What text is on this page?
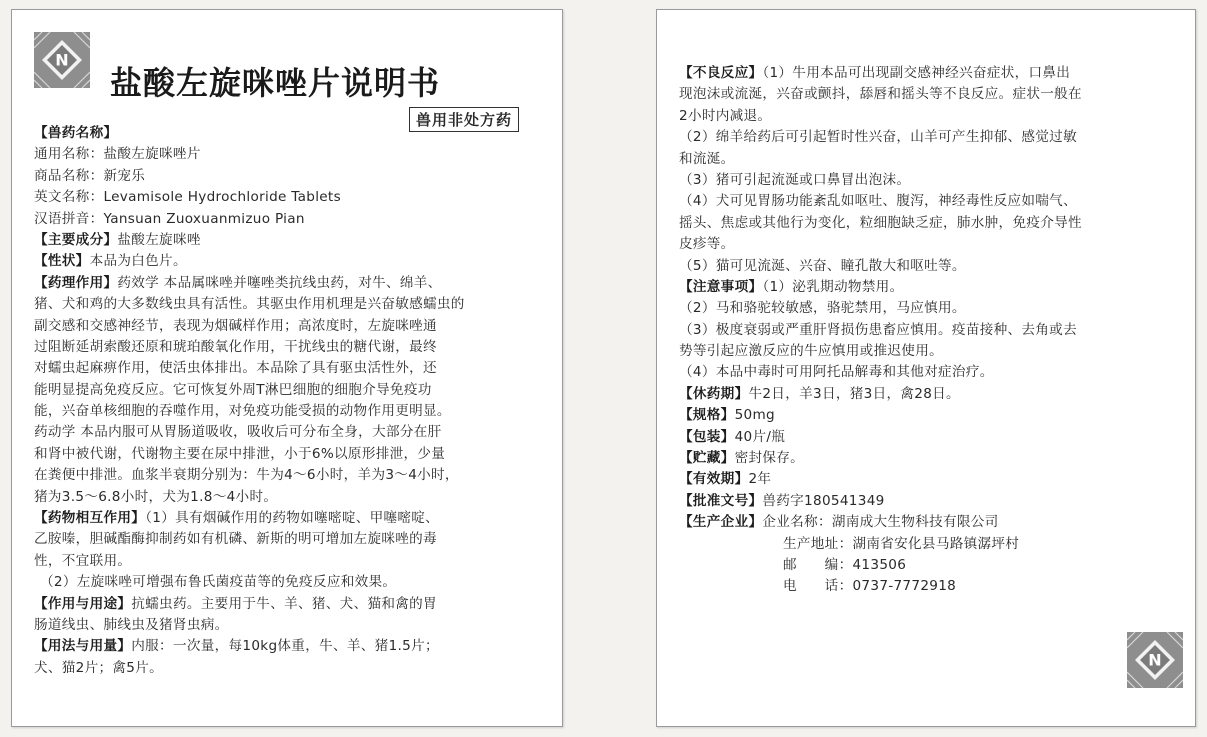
N
盐酸左旋咪唑片说明书
兽用非处方药
【兽药名称】
通用名称：盐酸左旋咪唑片
商品名称：新宠乐
英文名称：Levamisole Hydrochloride Tablets
汉语拼音：Yansuan Zuoxuanmizuo Pian
【主要成分】盐酸左旋咪唑
【性状】本品为白色片。
【药理作用】药效学 本品属咪唑并噻唑类抗线虫药，对牛、绵羊、
猪、犬和鸡的大多数线虫具有活性。其驱虫作用机理是兴奋敏感蠕虫的
副交感和交感神经节，表现为烟碱样作用；高浓度时，左旋咪唑通
过阻断延胡索酸还原和琥珀酸氧化作用，干扰线虫的糖代谢，最终
对蠕虫起麻痹作用，使活虫体排出。本品除了具有驱虫活性外，还
能明显提高免疫反应。它可恢复外周T淋巴细胞的细胞介导免疫功
能，兴奋单核细胞的吞噬作用，对免疫功能受损的动物作用更明显。
药动学 本品内服可从胃肠道吸收，吸收后可分布全身，大部分在肝
和肾中被代谢，代谢物主要在尿中排泄，小于6%以原形排泄，少量
在粪便中排泄。血浆半衰期分别为：牛为4～6小时，羊为3～4小时，
猪为3.5～6.8小时，犬为1.8～4小时。
【药物相互作用】（1）具有烟碱作用的药物如噻嘧啶、甲噻嘧啶、
乙胺嗪，胆碱酯酶抑制药如有机磷、新斯的明可增加左旋咪唑的毒
性，不宜联用。
（2）左旋咪唑可增强布鲁氏菌疫苗等的免疫反应和效果。
【作用与用途】抗蠕虫药。主要用于牛、羊、猪、犬、猫和禽的胃
肠道线虫、肺线虫及猪肾虫病。
【用法与用量】内服：一次量，每10kg体重，牛、羊、猪1.5片；
犬、猫2片；禽5片。
【不良反应】（1）牛用本品可出现副交感神经兴奋症状，口鼻出
现泡沫或流涎，兴奋或颤抖，舔唇和摇头等不良反应。症状一般在
2小时内减退。
（2）绵羊给药后可引起暂时性兴奋，山羊可产生抑郁、感觉过敏
和流涎。
（3）猪可引起流涎或口鼻冒出泡沫。
（4）犬可见胃肠功能紊乱如呕吐、腹泻，神经毒性反应如喘气、
摇头、焦虑或其他行为变化，粒细胞缺乏症，肺水肿，免疫介导性
皮疹等。
（5）猫可见流涎、兴奋、瞳孔散大和呕吐等。
【注意事项】（1）泌乳期动物禁用。
（2）马和骆驼较敏感，骆驼禁用，马应慎用。
（3）极度衰弱或严重肝肾损伤患畜应慎用。疫苗接种、去角或去
势等引起应激反应的牛应慎用或推迟使用。
（4）本品中毒时可用阿托品解毒和其他对症治疗。
【休药期】牛2日，羊3日，猪3日，禽28日。
【规格】50mg
【包装】40片/瓶
【贮藏】密封保存。
【有效期】2年
【批准文号】兽药字180541349
【生产企业】企业名称：湖南成大生物科技有限公司
生产地址：湖南省安化县马路镇潺坪村
邮　　编：413506
电　　话：0737-7772918
N
